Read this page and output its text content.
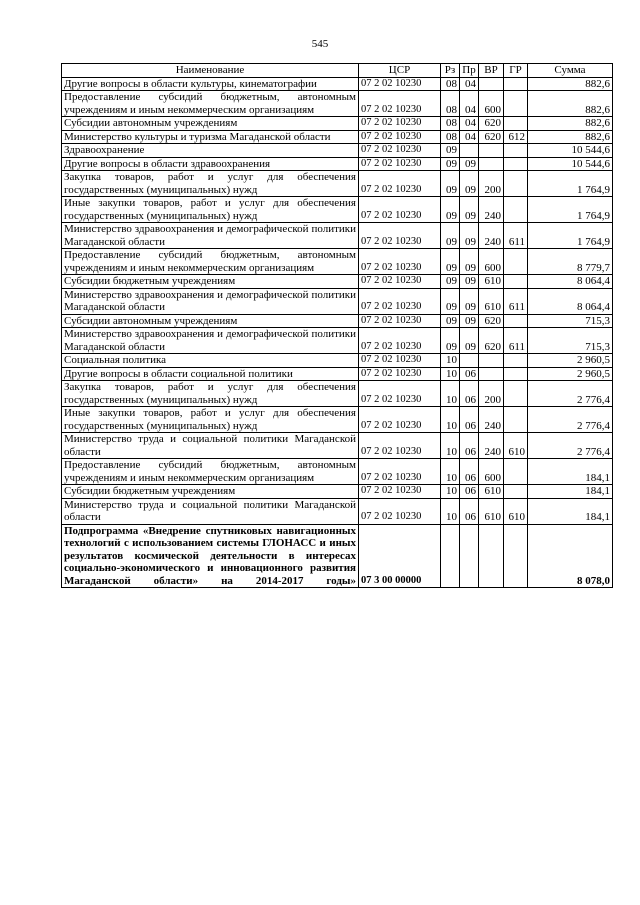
545
Наименование	ЦСР	Рз	Пр	ВР	ГР	Сумма
Другие вопросы в области культуры, кинематографии	07 2 02 10230	08	04			882,6
Предоставление субсидий бюджетным, автономным учреждениям и иным некоммерческим организациям	07 2 02 10230	08	04	600		882,6
Субсидии автономным учреждениям	07 2 02 10230	08	04	620		882,6
Министерство культуры и туризма Магаданской области	07 2 02 10230	08	04	620	612	882,6
Здравоохранение	07 2 02 10230	09				10 544,6
Другие вопросы в области здравоохранения	07 2 02 10230	09	09			10 544,6
Закупка товаров, работ и услуг для обеспечения государственных (муниципальных) нужд	07 2 02 10230	09	09	200		1 764,9
Иные закупки товаров, работ и услуг для обеспечения государственных (муниципальных) нужд	07 2 02 10230	09	09	240		1 764,9
Министерство здравоохранения и демографической политики Магаданской области	07 2 02 10230	09	09	240	611	1 764,9
Предоставление субсидий бюджетным, автономным учреждениям и иным некоммерческим организациям	07 2 02 10230	09	09	600		8 779,7
Субсидии бюджетным учреждениям	07 2 02 10230	09	09	610		8 064,4
Министерство здравоохранения и демографической политики Магаданской области	07 2 02 10230	09	09	610	611	8 064,4
Субсидии автономным учреждениям	07 2 02 10230	09	09	620		715,3
Министерство здравоохранения и демографической политики Магаданской области	07 2 02 10230	09	09	620	611	715,3
Социальная политика	07 2 02 10230	10				2 960,5
Другие вопросы в области социальной политики	07 2 02 10230	10	06			2 960,5
Закупка товаров, работ и услуг для обеспечения государственных (муниципальных) нужд	07 2 02 10230	10	06	200		2 776,4
Иные закупки товаров, работ и услуг для обеспечения государственных (муниципальных) нужд	07 2 02 10230	10	06	240		2 776,4
Министерство труда и социальной политики Магаданской области	07 2 02 10230	10	06	240	610	2 776,4
Предоставление субсидий бюджетным, автономным учреждениям и иным некоммерческим организациям	07 2 02 10230	10	06	600		184,1
Субсидии бюджетным учреждениям	07 2 02 10230	10	06	610		184,1
Министерство труда и социальной политики Магаданской области	07 2 02 10230	10	06	610	610	184,1
Подпрограмма «Внедрение спутниковых навигационных технологий с использованием системы ГЛОНАСС и иных результатов космической деятельности в интересах социально-экономического и инновационного развития Магаданской области» на 2014-2017 годы»	07 3 00 00000					8 078,0
